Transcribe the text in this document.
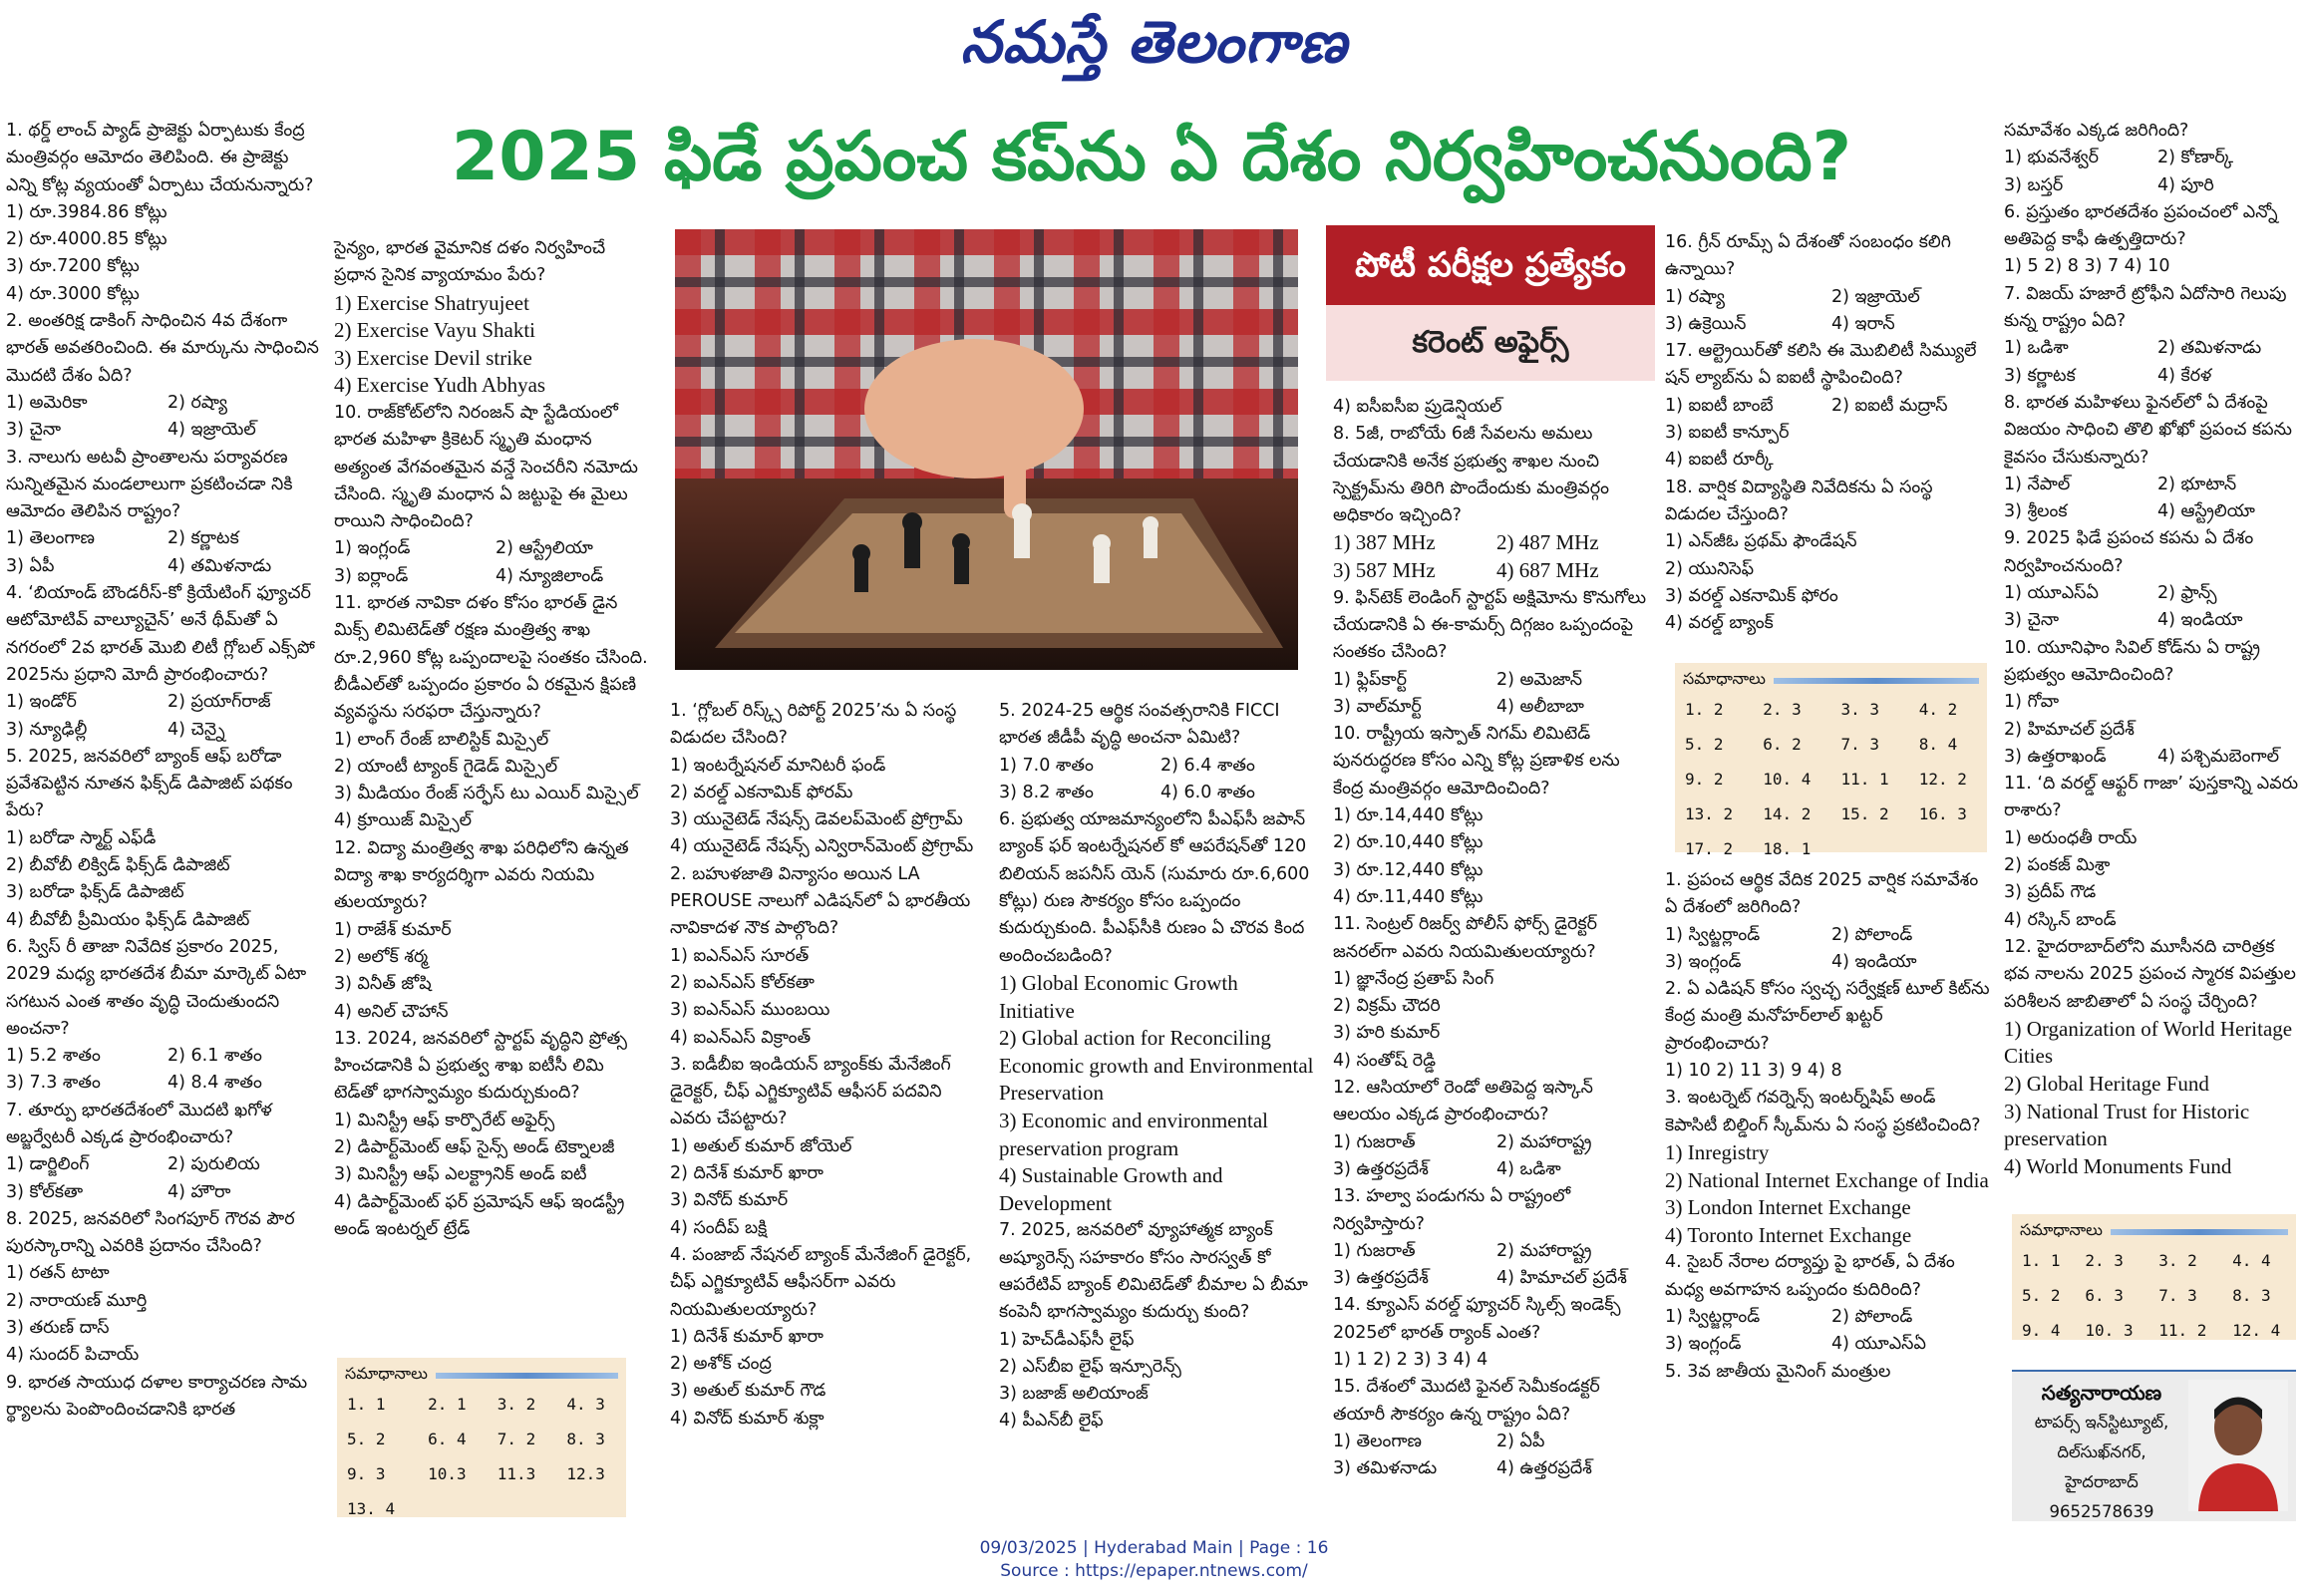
నమస్తే తెలంగాణ
2025 ఫిడే ప్రపంచ కప్‌ను ఏ దేశం నిర్వహించనుంది?
పోటీ పరీక్షల ప్రత్యేకం
కరెంట్ అఫైర్స్

1. థర్డ్ లాంచ్ ప్యాడ్ ప్రాజెక్టు ఏర్పాటుకు కేంద్ర మంత్రివర్గం ఆమోదం తెలిపింది. ఈ ప్రాజెక్టు ఎన్ని కోట్ల వ్యయంతో ఏర్పాటు చేయనున్నారు?

1) రూ.3984.86 కోట్లు

2) రూ.4000.85 కోట్లు

3) రూ.7200 కోట్లు

4) రూ.3000 కోట్లు

2. అంతరిక్ష డాకింగ్ సాధించిన 4వ దేశంగా భారత్ అవతరించింది. ఈ మార్కును సాధించిన మొదటి దేశం ఏది?

1) అమెరికా	2) రష్యా
3) చైనా	4) ఇజ్రాయెల్

3. నాలుగు అటవీ ప్రాంతాలను పర్యావరణ సున్నితమైన మండలాలుగా ప్రకటించడా నికి ఆమోదం తెలిపిన రాష్ట్రం?

1) తెలంగాణ	2) కర్ణాటక
3) ఏపీ	4) తమిళనాడు

4. ‘బియాండ్ బౌండరీస్-కో క్రియేటింగ్ ఫ్యూచర్ ఆటోమోటివ్ వాల్యూచైన్’ అనే థీమ్‌తో ఏ నగరంలో 2వ భారత్ మొబి లిటీ గ్లోబల్ ఎక్స్‌పో 2025ను ప్రధాని మోదీ ప్రారంభించారు?

1) ఇండోర్	2) ప్రయాగ్‌రాజ్
3) న్యూఢిల్లీ	4) చెన్నై

5. 2025, జనవరిలో బ్యాంక్ ఆఫ్ బరోడా ప్రవేశపెట్టిన నూతన ఫిక్స్‌డ్ డిపాజిట్ పథకం పేరు?

1) బరోడా స్మార్ట్ ఎఫ్‌డీ

2) బీవోబీ లిక్విడ్ ఫిక్స్‌డ్ డిపాజిట్

3) బరోడా ఫిక్స్‌డ్ డిపాజిట్

4) బీవోబీ ప్రీమియం ఫిక్స్‌డ్ డిపాజిట్

6. స్విస్ రీ తాజా నివేదిక ప్రకారం 2025, 2029 మధ్య భారతదేశ బీమా మార్కెట్ ఏటా సగటున ఎంత శాతం వృద్ధి చెందుతుందని అంచనా?

1) 5.2 శాతం	2) 6.1 శాతం
3) 7.3 శాతం	4) 8.4 శాతం

7. తూర్పు భారతదేశంలో మొదటి ఖగోళ అబ్జర్వేటరీ ఎక్కడ ప్రారంభించారు?

1) డార్జిలింగ్	2) పురులియ
3) కోల్‌కతా	4) హౌరా

8. 2025, జనవరిలో సింగపూర్ గౌరవ పౌర పురస్కారాన్ని ఎవరికి ప్రదానం చేసింది?

1) రతన్ టాటా

2) నారాయణ్ మూర్తి

3) తరుణ్ దాస్

4) సుందర్ పిచాయ్

9. భారత సాయుధ దళాల కార్యాచరణ సామ ర్థ్యాలను పెంపొందించడానికి భారత

సైన్యం, భారత వైమానిక దళం నిర్వహించే ప్రధాన సైనిక వ్యాయామం పేరు?

1) Exercise Shatryujeet

2) Exercise Vayu Shakti

3) Exercise Devil strike

4) Exercise Yudh Abhyas

10. రాజ్‌కోట్‌లోని నిరంజన్ షా స్టేడియంలో భారత మహిళా క్రికెటర్ స్మృతి మంధాన అత్యంత వేగవంతమైన వన్డే సెంచరీని నమోదు చేసింది. స్మృతి మంధాన ఏ జట్టుపై ఈ మైలు రాయిని సాధించింది?

1) ఇంగ్లండ్	2) ఆస్ట్రేలియా
3) ఐర్లాండ్	4) న్యూజిలాండ్

11. భారత నావికా దళం కోసం భారత్ డైన మిక్స్ లిమిటెడ్‌తో రక్షణ మంత్రిత్వ శాఖ రూ.2,960 కోట్ల ఒప్పందాలపై సంతకం చేసింది. బీడీఎల్‌తో ఒప్పందం ప్రకారం ఏ రకమైన క్షిపణి వ్యవస్థను సరఫరా చేస్తున్నారు?

1) లాంగ్ రేంజ్ బాలిస్టిక్ మిస్సైల్

2) యాంటీ ట్యాంక్ గైడెడ్ మిస్సైల్

3) మీడియం రేంజ్ సర్ఫేస్ టు ఎయిర్ మిస్సైల్

4) క్రూయిజ్ మిస్సైల్

12. విద్యా మంత్రిత్వ శాఖ పరిధిలోని ఉన్నత విద్యా శాఖ కార్యదర్శిగా ఎవరు నియమి తులయ్యారు?

1) రాజేశ్ కుమార్

2) అలోక్ శర్మ

3) వినీత్ జోషి

4) అనిల్ చౌహాన్

13. 2024, జనవరిలో స్టార్టప్ వృద్ధిని ప్రోత్స హించడానికి ఏ ప్రభుత్వ శాఖ ఐటీసీ లిమి టెడ్‌తో భాగస్వామ్యం కుదుర్చుకుంది?

1) మినిస్ట్రీ ఆఫ్ కార్పొరేట్ అఫైర్స్

2) డిపార్ట్‌మెంట్ ఆఫ్ సైన్స్ అండ్ టెక్నాలజీ

3) మినిస్ట్రీ ఆఫ్ ఎలక్ట్రానిక్ అండ్ ఐటీ

4) డిపార్ట్‌మెంట్ ఫర్ ప్రమోషన్ ఆఫ్ ఇండస్ట్రీ అండ్ ఇంటర్నల్ ట్రేడ్

1. ‘గ్లోబల్ రిస్క్స్ రిపోర్ట్ 2025’ను ఏ సంస్థ విడుదల చేసింది?

1) ఇంటర్నేషనల్ మానిటరీ ఫండ్

2) వరల్డ్ ఎకనామిక్ ఫోరమ్

3) యునైటెడ్ నేషన్స్ డెవలప్‌మెంట్ ప్రోగ్రామ్

4) యునైటెడ్ నేషన్స్ ఎన్విరాన్‌మెంట్ ప్రోగ్రామ్

2. బహుళజాతి విన్యాసం అయిన LA PEROUSE నాలుగో ఎడిషన్‌లో ఏ భారతీయ నావికాదళ నౌక పాల్గొంది?

1) ఐఎన్ఎస్ సూరత్

2) ఐఎన్ఎస్ కోల్‌కతా

3) ఐఎన్ఎస్ ముంబయి

4) ఐఎన్ఎస్ విక్రాంత్

3. ఐడీబీఐ ఇండియన్ బ్యాంక్‌కు మేనేజింగ్ డైరెక్టర్, చీఫ్ ఎగ్జిక్యూటివ్ ఆఫీసర్ పదవిని ఎవరు చేపట్టారు?

1) అతుల్ కుమార్ జోయెల్

2) దినేశ్ కుమార్ ఖారా

3) వినోద్ కుమార్

4) సందీప్ బక్షి

4. పంజాబ్ నేషనల్ బ్యాంక్ మేనేజింగ్ డైరెక్టర్, చీఫ్ ఎగ్జిక్యూటివ్ ఆఫీసర్‌గా ఎవరు నియమితులయ్యారు?

1) దినేశ్ కుమార్ ఖారా

2) అశోక్ చంద్ర

3) అతుల్ కుమార్ గౌడ

4) వినోద్ కుమార్ శుక్లా

5. 2024-25 ఆర్థిక సంవత్సరానికి FICCI భారత జీడీపీ వృద్ధి అంచనా ఏమిటి?

1) 7.0 శాతం	2) 6.4 శాతం
3) 8.2 శాతం	4) 6.0 శాతం

6. ప్రభుత్వ యాజమాన్యంలోని పీఎఫ్‌సీ జపాన్ బ్యాంక్ ఫర్ ఇంటర్నేషనల్ కో ఆపరేషన్‌తో 120 బిలియన్ జపనీస్ యెన్ (సుమారు రూ.6,600 కోట్లు) రుణ సౌకర్యం కోసం ఒప్పందం కుదుర్చుకుంది. పీఎఫ్‌సీకి రుణం ఏ చొరవ కింద అందించబడింది?

1) Global Economic Growth Initiative

2) Global action for Reconciling Economic growth and Environmental Preservation

3) Economic and environmental preservation program

4) Sustainable Growth and Development

7. 2025, జనవరిలో వ్యూహాత్మక బ్యాంక్ అష్యూరెన్స్ సహకారం కోసం సారస్వత్ కో ఆపరేటివ్ బ్యాంక్ లిమిటెడ్‌తో బీమాల ఏ బీమా కంపెనీ భాగస్వామ్యం కుదుర్చు కుంది?

1) హెచ్‌డీఎఫ్‌సీ లైఫ్

2) ఎస్‌బీఐ లైఫ్ ఇన్సూరెన్స్

3) బజాజ్ అలియాంజ్

4) పీఎన్‌బీ లైఫ్

4) ఐసీఐసీఐ ప్రుడెన్షియల్

8. 5జీ, రాబోయే 6జీ సేవలను అమలు చేయడానికి అనేక ప్రభుత్వ శాఖల నుంచి స్పెక్ట్రమ్‌ను తిరిగి పొందేందుకు మంత్రివర్గం అధికారం ఇచ్చింది?

1) 387 MHz	2) 487 MHz
3) 587 MHz	4) 687 MHz

9. ఫిన్‌టెక్ లెండింగ్ స్టార్టప్ అక్షిమోను కొనుగోలు చేయడానికి ఏ ఈ-కామర్స్ దిగ్గజం ఒప్పందంపై సంతకం చేసింది?

1) ఫ్లిప్‌కార్ట్	2) అమెజాన్
3) వాల్‌మార్ట్	4) అలీబాబా

10. రాష్ట్రీయ ఇస్పాత్ నిగమ్ లిమిటెడ్ పునరుద్ధరణ కోసం ఎన్ని కోట్ల ప్రణాళిక లను కేంద్ర మంత్రివర్గం ఆమోదించింది?

1) రూ.14,440 కోట్లు

2) రూ.10,440 కోట్లు

3) రూ.12,440 కోట్లు

4) రూ.11,440 కోట్లు

11. సెంట్రల్ రిజర్వ్ పోలీస్ ఫోర్స్ డైరెక్టర్ జనరల్‌గా ఎవరు నియమితులయ్యారు?

1) జ్ఞానేంద్ర ప్రతాప్ సింగ్

2) విక్రమ్ చౌదరి

3) హరి కుమార్

4) సంతోష్ రెడ్డి

12. ఆసియాలో రెండో అతిపెద్ద ఇస్కాన్ ఆలయం ఎక్కడ ప్రారంభించారు?

1) గుజరాత్	2) మహారాష్ట్ర
3) ఉత్తరప్రదేశ్	4) ఒడిశా

13. హల్వా పండుగను ఏ రాష్ట్రంలో నిర్వహిస్తారు?

1) గుజరాత్	2) మహారాష్ట్ర
3) ఉత్తరప్రదేశ్	4) హిమాచల్ ప్రదేశ్

14. క్యూఎస్ వరల్డ్ ఫ్యూచర్ స్కిల్స్ ఇండెక్స్ 2025లో భారత్ ర్యాంక్ ఎంత?

1) 1 2) 2 3) 3 4) 4

15. దేశంలో మొదటి ఫైనల్ సెమీకండక్టర్ తయారీ సౌకర్యం ఉన్న రాష్ట్రం ఏది?

1) తెలంగాణ	2) ఏపీ
3) తమిళనాడు	4) ఉత్తరప్రదేశ్

16. గ్రీన్ రూమ్స్ ఏ దేశంతో సంబంధం కలిగి ఉన్నాయి?

1) రష్యా	2) ఇజ్రాయెల్
3) ఉక్రెయిన్	4) ఇరాన్

17. ఆల్ట్రెయిర్‌తో కలిసి ఈ మొబిలిటీ సిమ్యులే షన్ ల్యాబ్‌ను ఏ ఐఐటీ స్థాపించింది?

1) ఐఐటీ బాంబే	2) ఐఐటీ మద్రాస్

3) ఐఐటీ కాన్పూర్

4) ఐఐటీ రూర్కీ

18. వార్షిక విద్యాస్థితి నివేదికను ఏ సంస్థ విడుదల చేస్తుంది?

1) ఎన్‌జీఓ ప్రథమ్ ఫౌండేషన్

2) యునిసెఫ్

3) వరల్డ్ ఎకనామిక్ ఫోరం

4) వరల్డ్ బ్యాంక్

1. ప్రపంచ ఆర్థిక వేదిక 2025 వార్షిక సమావేశం ఏ దేశంలో జరిగింది?

1) స్విట్జర్లాండ్	2) పోలాండ్
3) ఇంగ్లండ్	4) ఇండియా

2. ఏ ఎడిషన్ కోసం స్వచ్ఛ సర్వేక్షణ్ టూల్ కిట్‌ను కేంద్ర మంత్రి మనోహర్‌లాల్ ఖట్టర్ ప్రారంభించారు?

1) 10 2) 11 3) 9 4) 8

3. ఇంటర్నెట్ గవర్నెన్స్ ఇంటర్న్‌షిప్ అండ్ కెపాసిటీ బిల్డింగ్ స్కీమ్‌ను ఏ సంస్థ ప్రకటించింది?

1) Inregistry

2) National Internet Exchange of India

3) London Internet Exchange

4) Toronto Internet Exchange

4. సైబర్ నేరాల దర్యాప్తు పై భారత్, ఏ దేశం మధ్య అవగాహన ఒప్పందం కుదిరింది?

1) స్విట్జర్లాండ్	2) పోలాండ్
3) ఇంగ్లండ్	4) యూఎస్ఏ

5. 3వ జాతీయ మైనింగ్ మంత్రుల

సమావేశం ఎక్కడ జరిగింది?

1) భువనేశ్వర్	2) కోణార్క్
3) బస్తర్	4) పూరి

6. ప్రస్తుతం భారతదేశం ప్రపంచంలో ఎన్నో అతిపెద్ద కాఫీ ఉత్పత్తిదారు?

1) 5 2) 8 3) 7 4) 10

7. విజయ్ హజారే ట్రోఫీని ఏదోసారి గెలుపు కున్న రాష్ట్రం ఏది?

1) ఒడిశా	2) తమిళనాడు
3) కర్ణాటక	4) కేరళ

8. భారత మహిళలు ఫైనల్‌లో ఏ దేశంపై విజయం సాధించి తొలి ఖోఖో ప్రపంచ కపను కైవసం చేసుకున్నారు?

1) నేపాల్	2) భూటాన్
3) శ్రీలంక	4) ఆస్ట్రేలియా

9. 2025 ఫిడే ప్రపంచ కపను ఏ దేశం నిర్వహించనుంది?

1) యూఎస్ఏ	2) ఫ్రాన్స్
3) చైనా	4) ఇండియా

10. యూనిఫాం సివిల్ కోడ్‌ను ఏ రాష్ట్ర ప్రభుత్వం ఆమోదించింది?

1) గోవా

2) హిమాచల్ ప్రదేశ్

3) ఉత్తరాఖండ్	4) పశ్చిమబెంగాల్

11. ‘ది వరల్డ్ ఆఫ్టర్ గాజా’ పుస్తకాన్ని ఎవరు రాశారు?

1) అరుంధతీ రాయ్

2) పంకజ్ మిశ్రా

3) ప్రదీప్ గౌడ

4) రస్కిన్ బాండ్

12. హైదరాబాద్‌లోని మూసీనది చారిత్రక భవ నాలను 2025 ప్రపంచ స్మారక విపత్తుల పరిశీలన జాబితాలో ఏ సంస్థ చేర్చింది?

1) Organization of World Heritage Cities

2) Global Heritage Fund

3) National Trust for Historic preservation

4) World Monuments Fund

సమాధానాలు
1. 1	2. 1	3. 2	4. 3
5. 2	6. 4	7. 2	8. 3
9. 3	10.3	11.3	12.3
13. 4			
సమాధానాలు
1. 2	2. 3	3. 3	4. 2
5. 2	6. 2	7. 3	8. 4
9. 2	10. 4	11. 1	12. 2
13. 2	14. 2	15. 2	16. 3
17. 2	18. 1		
సమాధానాలు
1. 1	2. 3	3. 2	4. 4
5. 2	6. 3	7. 3	8. 3
9. 4	10. 3	11. 2	12. 4
సత్యనారాయణ
టాపర్స్ ఇన్‌స్టిట్యూట్,
దిల్‌సుఖ్‌నగర్,
హైదరాబాద్
9652578639
09/03/2025 | Hyderabad Main | Page : 16
Source : https://epaper.ntnews.com/
